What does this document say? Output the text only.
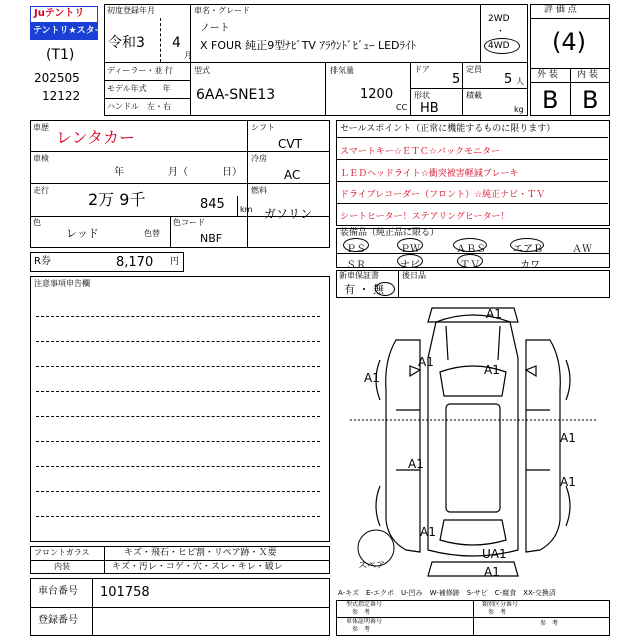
Juテントリ
テントリ★スター
(T1)
202505
12122
初度登録年月
令和3 4
月
ディーラー・並 行
モデル年式　　年
ハンドル　左・右
車名・グレード
ノート
X FOUR 純正9型ﾅﾋﾞTV ｱﾗｳﾝﾄﾞﾋﾞｭｰ LEDﾗｲﾄ
2WD
・
4WD
型式
6AA-SNE13
排気量
1200
CC
ドア
5
定員
5 人
形状
HB
積載
kg
評 価 点
(4)
外 装 内 装
B B
車歴
レンタカー
車検
年	月（	日）
走行 2万 9千	845 km
色
レッド	色替
色コード
NBF
シフト
CVT
冷房
AC
燃料
ガソリン
R券	8,170 円
セールスポイント（正常に機能するものに限ります）
スマートキー☆ＥＴＣ☆バックモニター
ＬＥＤヘッドライト☆衝突被害軽減ブレーキ
ドライブレコーダー（フロント）☆純正ナビ・ＴＶ
シートヒーター！ステアリングヒーター！
装備品（純正品に限る）
ＰＳ	ＰＷ	ＡＢＳ	エアＢ	ＡＷ
ＳＲ	ナビ	ＴＶ	カワ
新車保証書
有 ・ 無
後日品
注意事項申告欄
A1
A1
A1
A1
A1
A1
A1
A1
UA1
A1
スペア
フロントガラス	キズ・飛石・ヒビ割・リペア跡・Ｘ要
内装	キズ・汚レ・コゲ・穴・スレ・キレ・破レ
車台番号 101758
登録番号
A-キズ　E-エクボ　U-凹み　W-補修跡　S-サビ　C-腐食　XX-交換済
型式指定番号
参　考
類別区分番号
参　考
車体証明番号
参　考
参　考
